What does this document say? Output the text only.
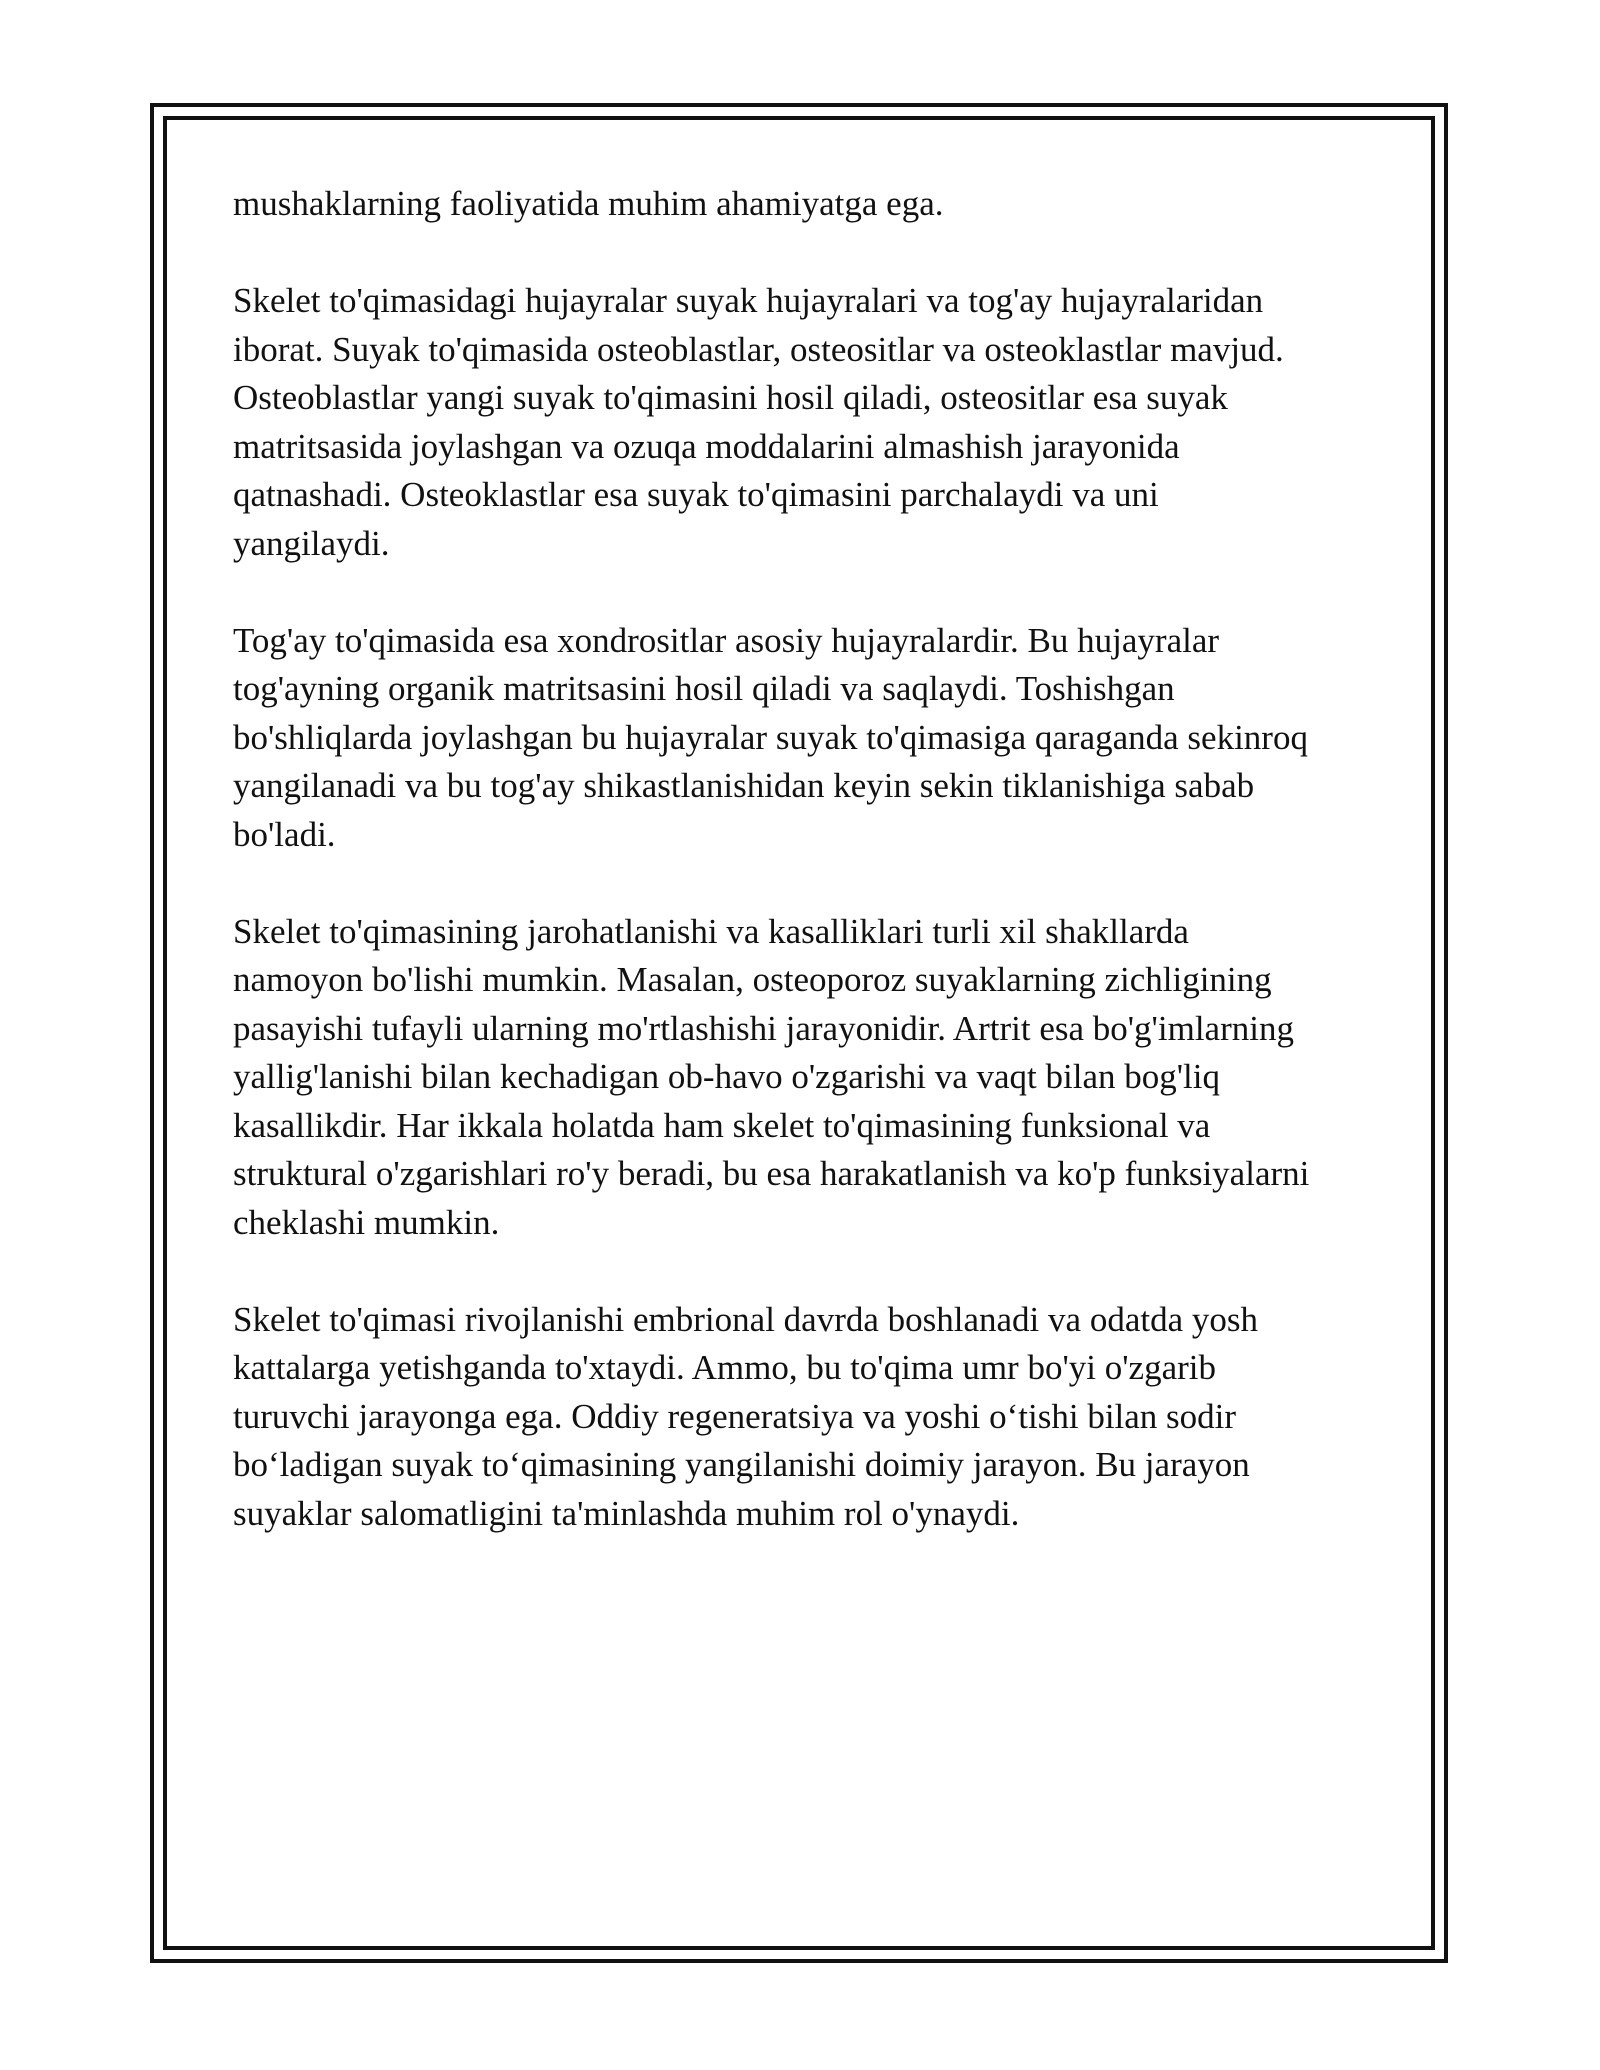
mushaklarning faoliyatida muhim ahamiyatga ega.

Skelet to'qimasidagi hujayralar suyak hujayralari va tog'ay hujayralaridan
iborat. Suyak to'qimasida osteoblastlar, osteositlar va osteoklastlar mavjud.
Osteoblastlar yangi suyak to'qimasini hosil qiladi, osteositlar esa suyak
matritsasida joylashgan va ozuqa moddalarini almashish jarayonida
qatnashadi. Osteoklastlar esa suyak to'qimasini parchalaydi va uni
yangilaydi.

Tog'ay to'qimasida esa xondrositlar asosiy hujayralardir. Bu hujayralar
tog'ayning organik matritsasini hosil qiladi va saqlaydi. Toshishgan
bo'shliqlarda joylashgan bu hujayralar suyak to'qimasiga qaraganda sekinroq
yangilanadi va bu tog'ay shikastlanishidan keyin sekin tiklanishiga sabab
bo'ladi.

Skelet to'qimasining jarohatlanishi va kasalliklari turli xil shakllarda
namoyon bo'lishi mumkin. Masalan, osteoporoz suyaklarning zichligining
pasayishi tufayli ularning mo'rtlashishi jarayonidir. Artrit esa bo'g'imlarning
yallig'lanishi bilan kechadigan ob-havo o'zgarishi va vaqt bilan bog'liq
kasallikdir. Har ikkala holatda ham skelet to'qimasining funksional va
struktural o'zgarishlari ro'y beradi, bu esa harakatlanish va ko'p funksiyalarni
cheklashi mumkin.

Skelet to'qimasi rivojlanishi embrional davrda boshlanadi va odatda yosh
kattalarga yetishganda to'xtaydi. Ammo, bu to'qima umr bo'yi o'zgarib
turuvchi jarayonga ega. Oddiy regeneratsiya va yoshi o‘tishi bilan sodir
bo‘ladigan suyak to‘qimasining yangilanishi doimiy jarayon. Bu jarayon
suyaklar salomatligini ta'minlashda muhim rol o'ynaydi.
